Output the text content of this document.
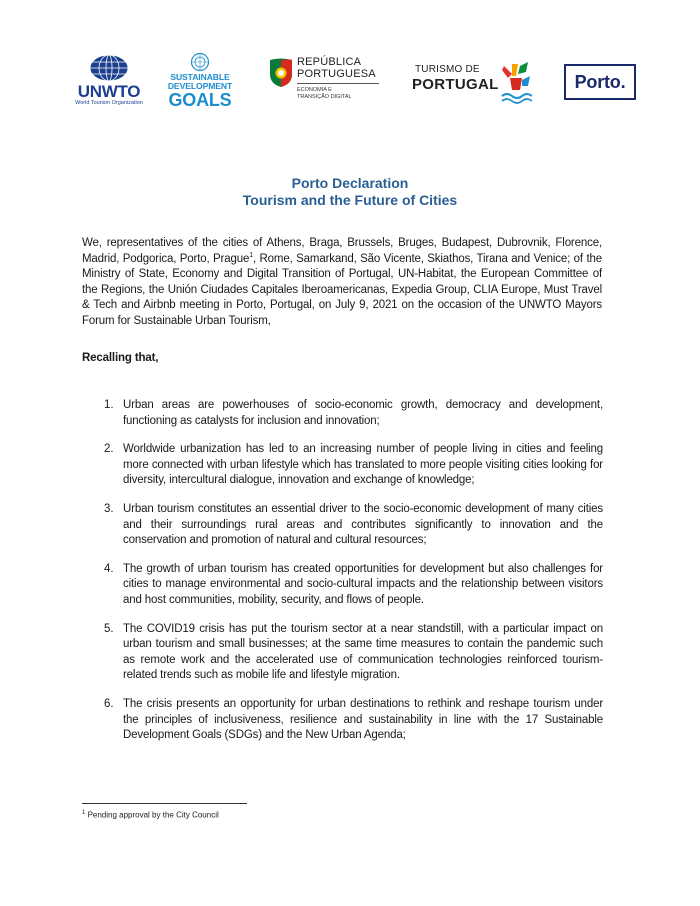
UNWTO
World Tourism Organization
SUSTAINABLE
DEVELOPMENT
GOALS
REPÚBLICA
PORTUGUESA
ECONOMIA E
TRANSIÇÃO DIGITAL
TURISMO DE
PORTUGAL	Porto.
Porto Declaration
Tourism and the Future of Cities
We, representatives of the cities of Athens, Braga, Brussels, Bruges, Budapest, Dubrovnik, Florence, Madrid, Podgorica, Porto, Prague$^1$, Rome, Samarkand, São Vicente, Skiathos, Tirana and Venice; of the Ministry of State, Economy and Digital Transition of Portugal, UN-Habitat, the European Committee of the Regions, the Unión Ciudades Capitales Iberoamericanas, Expedia Group, CLIA Europe, Must Travel & Tech and Airbnb meeting in Porto, Portugal, on July 9, 2021 on the occasion of the UNWTO Mayors Forum for Sustainable Urban Tourism,
Recalling that,
1. Urban areas are powerhouses of socio-economic growth, democracy and development, functioning as catalysts for inclusion and innovation;
2. Worldwide urbanization has led to an increasing number of people living in cities and feeling more connected with urban lifestyle which has translated to more people visiting cities looking for diversity, intercultural dialogue, innovation and exchange of knowledge;
3. Urban tourism constitutes an essential driver to the socio-economic development of many cities and their surroundings rural areas and contributes significantly to innovation and the conservation and promotion of natural and cultural resources;
4. The growth of urban tourism has created opportunities for development but also challenges for cities to manage environmental and socio-cultural impacts and the relationship between visitors and host communities, mobility, security, and flows of people.
5. The COVID19 crisis has put the tourism sector at a near standstill, with a particular impact on urban tourism and small businesses; at the same time measures to contain the pandemic such as remote work and the accelerated use of communication technologies reinforced tourism-related trends such as mobile life and lifestyle migration.
6. The crisis presents an opportunity for urban destinations to rethink and reshape tourism under the principles of inclusiveness, resilience and sustainability in line with the 17 Sustainable Development Goals (SDGs) and the New Urban Agenda;
$^1$ Pending approval by the City Council
